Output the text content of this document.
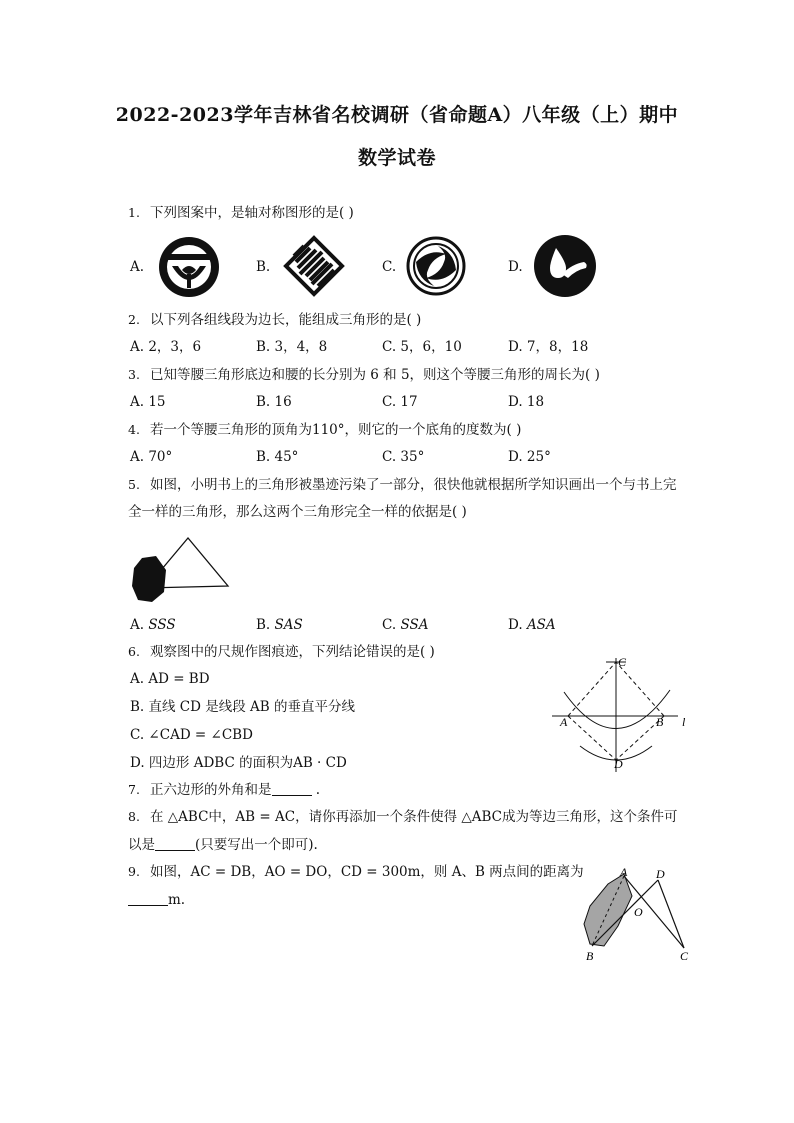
2022-2023学年吉林省名校调研（省命题A）八年级（上）期中
数学试卷
1. 下列图案中，是轴对称图形的是( )
A.	B.	C.	D.
2. 以下列各组线段为边长，能组成三角形的是( )
A. 2，3，6	B. 3，4，8	C. 5，6，10	D. 7，8，18
3. 已知等腰三角形底边和腰的长分别为 6 和 5，则这个等腰三角形的周长为( )
A. 15	B. 16	C. 17	D. 18
4. 若一个等腰三角形的顶角为110°，则它的一个底角的度数为( )
A. 70°	B. 45°	C. 35°	D. 25°
5. 如图，小明书上的三角形被墨迹污染了一部分，很快他就根据所学知识画出一个与书上完
全一样的三角形，那么这两个三角形完全一样的依据是( )
A. SSS	B. SAS	C. SSA	D. ASA
6. 观察图中的尺规作图痕迹，下列结论错误的是( )
A. AD = BD
B. 直线 CD 是线段 AB 的垂直平分线
C. ∠CAD = ∠CBD
D. 四边形 ADBC 的面积为AB · CD
C
A	B l
D
7. 正六边形的外角和是	.
8. 在 △ABC中，AB = AC，请你再添加一个条件使得 △ABC成为等边三角形，这个条件可
以是	(只要写出一个即可).
9. 如图，AC = DB，AO = DO，CD = 300m，则 A、B 两点间的距离为
m.
A D
O
B	C
